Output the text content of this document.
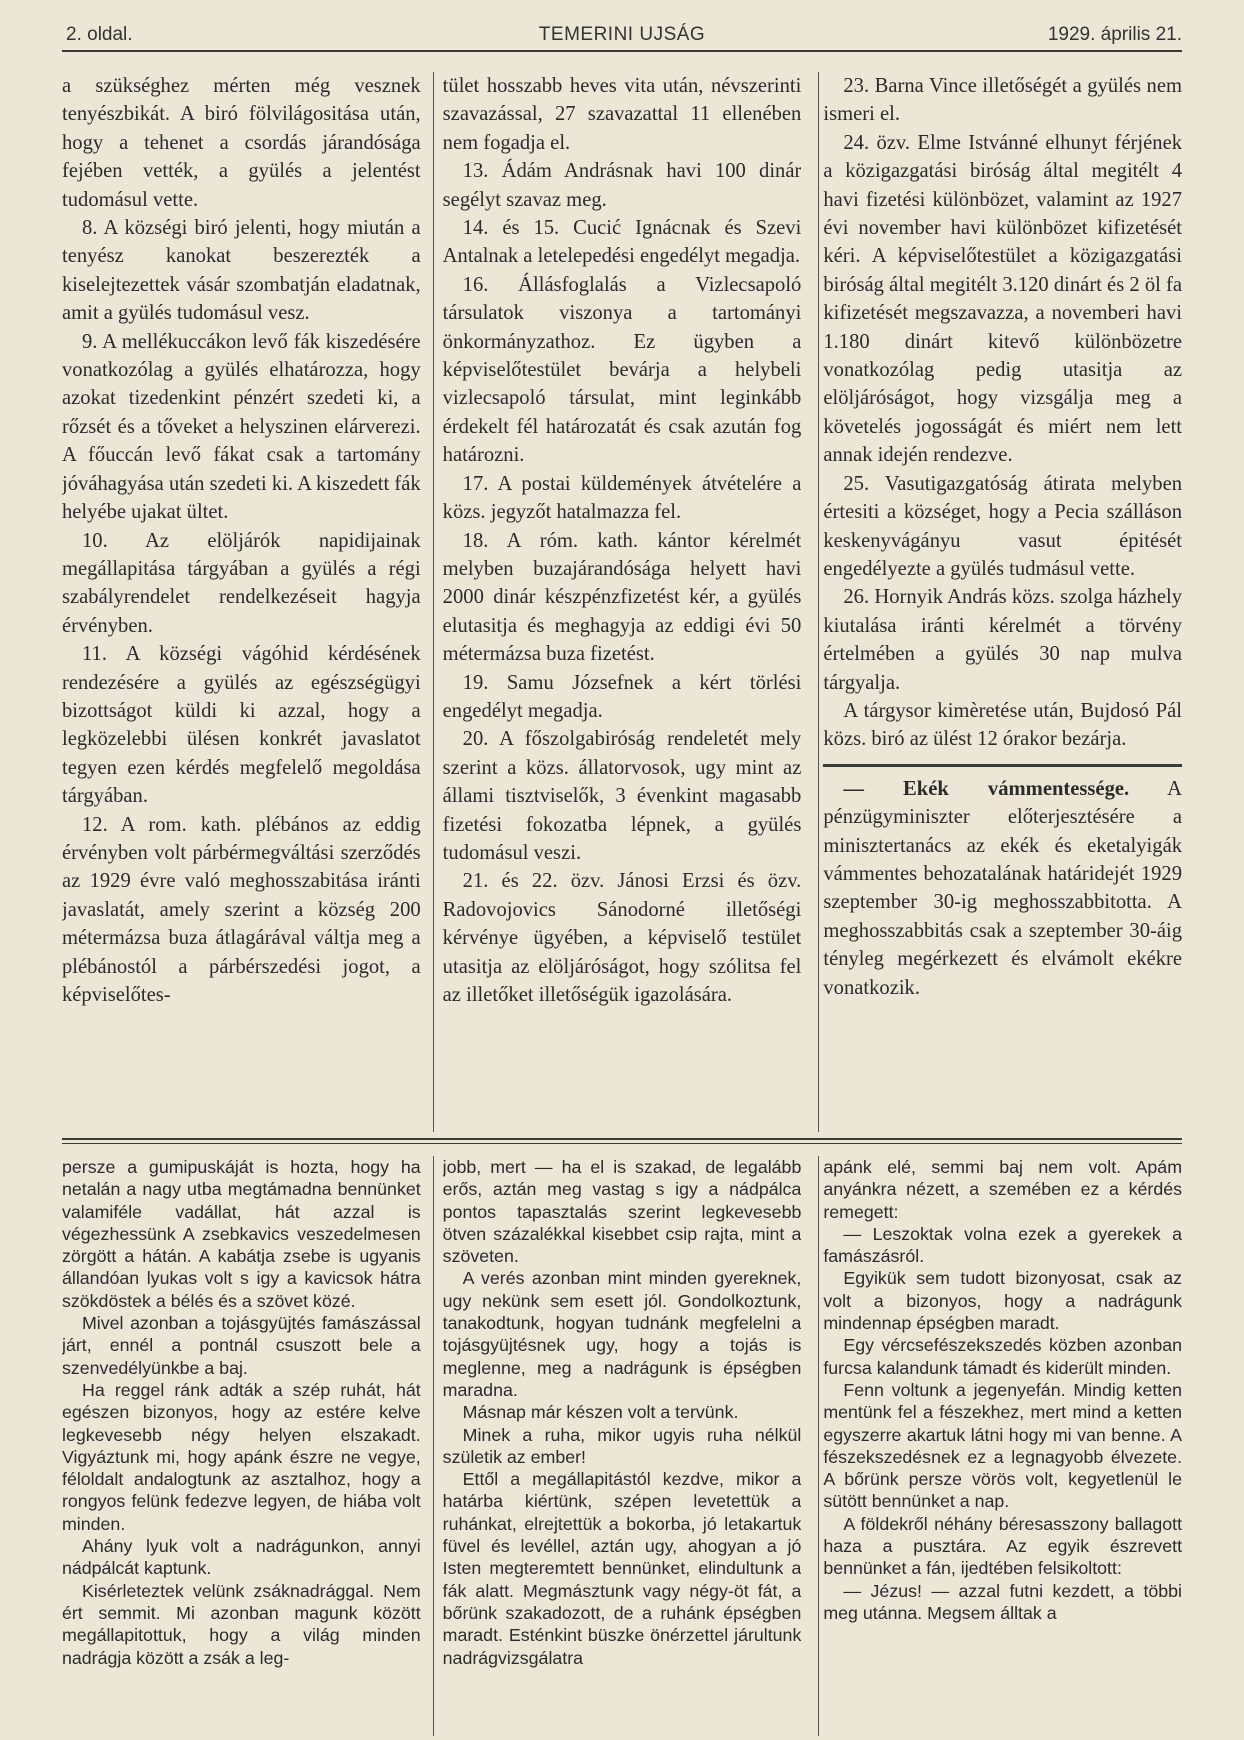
2. oldal.	TEMERINI UJSÁG	1929. április 21.

a szükséghez mérten még vesznek tenyészbikát. A biró fölvilágositása után, hogy a tehenet a csordás járandósága fejében vették, a gyülés a jelentést tudomásul vette.

8. A községi biró jelenti, hogy miután a tenyész kanokat beszerezték a kiselejtezettek vásár szombatján eladatnak, amit a gyülés tudomásul vesz.

9. A mellékuccákon levő fák kiszedésére vonatkozólag a gyülés elhatározza, hogy azokat tizedenkint pénzért szedeti ki, a rőzsét és a tőveket a helyszinen elárverezi. A főuccán levő fákat csak a tartomány jóváhagyása után szedeti ki. A kiszedett fák helyébe ujakat ültet.

10. Az elöljárók napidijainak megállapitása tárgyában a gyülés a régi szabályrendelet rendelkezéseit hagyja érvényben.

11. A községi vágóhid kérdésének rendezésére a gyülés az egészségügyi bizottságot küldi ki azzal, hogy a legközelebbi ülésen konkrét javaslatot tegyen ezen kérdés megfelelő megoldása tárgyában.

12. A rom. kath. plébános az eddig érvényben volt párbérmegváltási szerződés az 1929 évre való meghosszabitása iránti javaslatát, amely szerint a község 200 métermázsa buza átlagárával váltja meg a plébánostól a párbérszedési jogot, a képviselőtes-

tület hosszabb heves vita után, névszerinti szavazással, 27 szavazattal 11 ellenében nem fogadja el.

13. Ádám Andrásnak havi 100 dinár segélyt szavaz meg.

14. és 15. Cucić Ignácnak és Szevi Antalnak a letelepedési engedélyt megadja.

16. Állásfoglalás a Vizlecsapoló társulatok viszonya a tartományi önkormányzathoz. Ez ügyben a képviselőtestület bevárja a helybeli vizlecsapoló társulat, mint leginkább érdekelt fél határozatát és csak azután fog határozni.

17. A postai küldemények átvételére a közs. jegyzőt hatalmazza fel.

18. A róm. kath. kántor kérelmét melyben buzajárandósága helyett havi 2000 dinár készpénzfizetést kér, a gyülés elutasitja és meghagyja az eddigi évi 50 métermázsa buza fizetést.

19. Samu Józsefnek a kért törlési engedélyt megadja.

20. A főszolgabiróság rendeletét mely szerint a közs. állatorvosok, ugy mint az állami tisztviselők, 3 évenkint magasabb fizetési fokozatba lépnek, a gyülés tudomásul veszi.

21. és 22. özv. Jánosi Erzsi és özv. Radovojovics Sánodorné illetőségi kérvénye ügyében, a képviselő testület utasitja az elöljáróságot, hogy szólitsa fel az illetőket illetőségük igazolására.

23. Barna Vince illetőségét a gyülés nem ismeri el.

24. özv. Elme Istvánné elhunyt férjének a közigazgatási biróság által megitélt 4 havi fizetési különbözet, valamint az 1927 évi november havi különbözet kifizetését kéri. A képviselőtestület a közigazgatási biróság által megitélt 3.120 dinárt és 2 öl fa kifizetését megszavazza, a novemberi havi 1.180 dinárt kitevő különbözetre vonatkozólag pedig utasitja az elöljáróságot, hogy vizsgálja meg a követelés jogosságát és miért nem lett annak idején rendezve.

25. Vasutigazgatóság átirata melyben értesiti a községet, hogy a Pecia szálláson keskenyvágányu vasut épitését engedélyezte a gyülés tudmásul vette.

26. Hornyik András közs. szolga házhely kiutalása iránti kérelmét a törvény értelmében a gyülés 30 nap mulva tárgyalja.

A tárgysor kimèretése után, Bujdosó Pál közs. biró az ülést 12 órakor bezárja.

— Ekék vámmentessége. A pénzügyminiszter előterjesztésére a minisztertanács az ekék és eketalyigák vámmentes behozatalának határidejét 1929 szeptember 30-ig meghosszabbitotta. A meghosszabbitás csak a szeptember 30-áig tényleg megérkezett és elvámolt ekékre vonatkozik.

persze a gumipuskáját is hozta, hogy ha netalán a nagy utba megtámadna bennünket valamiféle vadállat, hát azzal is végezhessünk A zsebkavics veszedelmesen zörgött a hátán. A kabátja zsebe is ugyanis állandóan lyukas volt s igy a kavicsok hátra szökdöstek a bélés és a szövet közé.

Mivel azonban a tojásgyüjtés famászással járt, ennél a pontnál csuszott bele a szenvedélyünkbe a baj.

Ha reggel ránk adták a szép ruhát, hát egészen bizonyos, hogy az estére kelve legkevesebb négy helyen elszakadt. Vigyáztunk mi, hogy apánk észre ne vegye, féloldalt andalogtunk az asztalhoz, hogy a rongyos felünk fedezve legyen, de hiába volt minden.

Ahány lyuk volt a nadrágunkon, annyi nádpálcát kaptunk.

Kisérleteztek velünk zsáknadrággal. Nem ért semmit. Mi azonban magunk között megállapitottuk, hogy a világ minden nadrágja között a zsák a leg-

jobb, mert — ha el is szakad, de legalább erős, aztán meg vastag s igy a nádpálca pontos tapasztalás szerint legkevesebb ötven százalékkal kisebbet csip rajta, mint a szöveten.

A verés azonban mint minden gyereknek, ugy nekünk sem esett jól. Gondolkoztunk, tanakodtunk, hogyan tudnánk megfelelni a tojásgyüjtésnek ugy, hogy a tojás is meglenne, meg a nadrágunk is épségben maradna.

Másnap már készen volt a tervünk.

Minek a ruha, mikor ugyis ruha nélkül születik az ember!

Ettől a megállapitástól kezdve, mikor a határba kiértünk, szépen levetettük a ruhánkat, elrejtettük a bokorba, jó letakartuk füvel és levéllel, aztán ugy, ahogyan a jó Isten megteremtett bennünket, elindultunk a fák alatt. Megmásztunk vagy négy-öt fát, a bőrünk szakadozott, de a ruhánk épségben maradt. Esténkint büszke önérzettel járultunk nadrágvizsgálatra

apánk elé, semmi baj nem volt. Apám anyánkra nézett, a szemében ez a kérdés remegett:

— Leszoktak volna ezek a gyerekek a famászásról.

Egyikük sem tudott bizonyosat, csak az volt a bizonyos, hogy a nadrágunk mindennap épségben maradt.

Egy vércsefészekszedés közben azonban furcsa kalandunk támadt és kiderült minden.

Fenn voltunk a jegenyefán. Mindig ketten mentünk fel a fészekhez, mert mind a ketten egyszerre akartuk látni hogy mi van benne. A fészekszedésnek ez a legnagyobb élvezete. A bőrünk persze vörös volt, kegyetlenül le sütött bennünket a nap.

A földekről néhány béresasszony ballagott haza a pusztára. Az egyik észrevett bennünket a fán, ijedtében felsikoltott:

— Jézus! — azzal futni kezdett, a többi meg utánna. Megsem álltak a
